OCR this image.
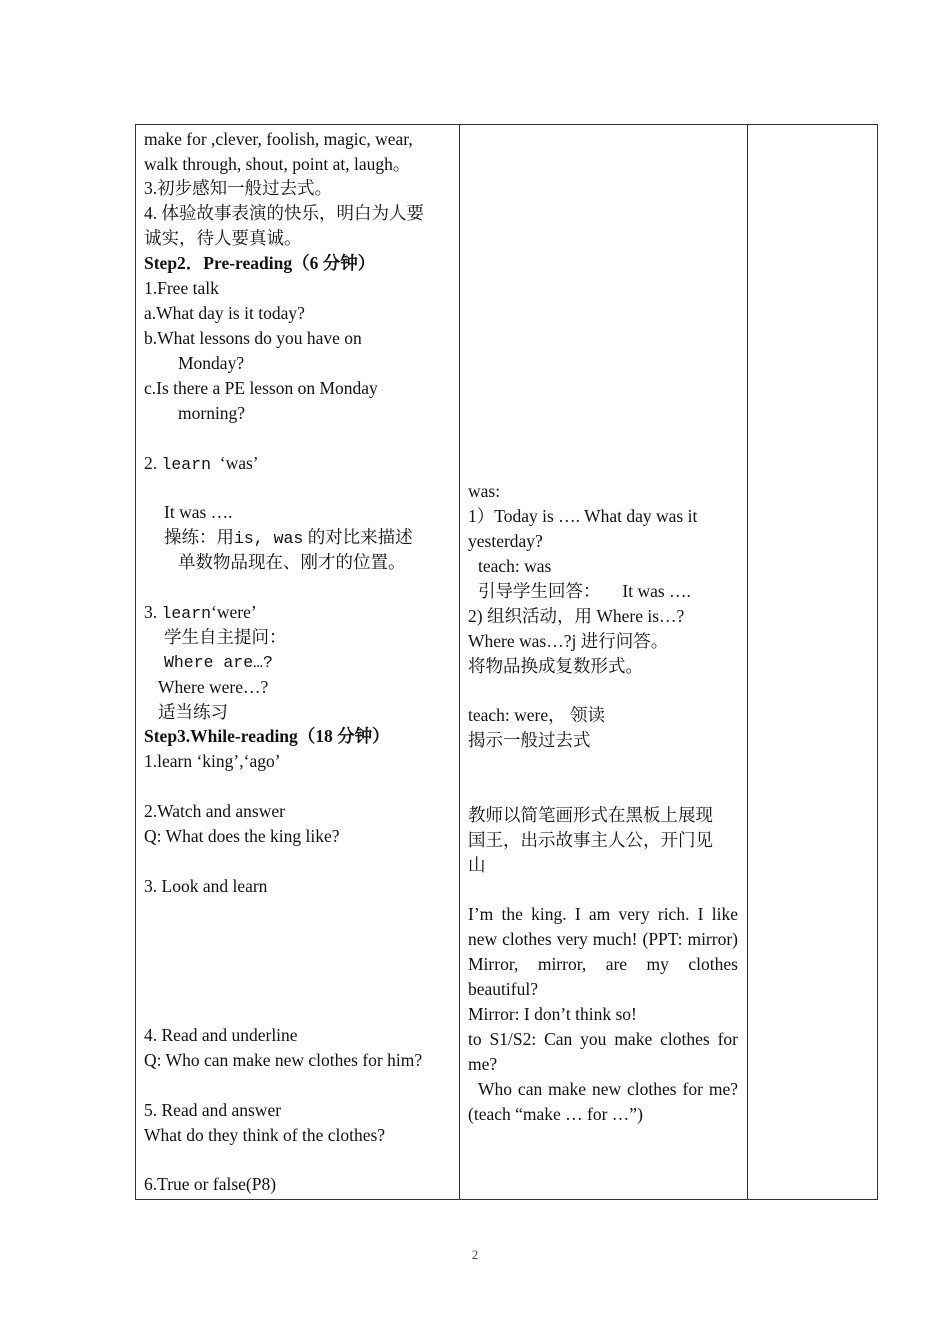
make for ,clever, foolish, magic, wear,
walk through, shout, point at, laugh。
3.初步感知一般过去式。
4. 体验故事表演的快乐，明白为人要
诚实，待人要真诚。
Step2．Pre-reading（6 分钟）
1.Free talk
a.What day is it today?
b.What lessons do you have on
Monday?
c.Is there a PE lesson on Monday
morning?
2. learn ‘was’
It was ….
操练：用is, was 的对比来描述
单数物品现在、刚才的位置。
3. learn‘were’
学生自主提问：
Where are…?
Where were…?
适当练习
Step3.While-reading（18 分钟）
1.learn ‘king’,‘ago’
2.Watch and answer
Q: What does the king like?
3. Look and learn
4. Read and underline
Q: Who can make new clothes for him?
5. Read and answer
What do they think of the clothes?
6.True or false(P8)
was:
1）Today is …. What day was it
yesterday?
teach: was
引导学生回答： It was ….
2) 组织活动，用 Where is…?
Where was…?j 进行问答。
将物品换成复数形式。
teach: were， 领读
揭示一般过去式
教师以简笔画形式在黑板上展现
国王，出示故事主人公，开门见
山
I’m the king. I am very rich. I like new clothes very much! (PPT: mirror) Mirror, mirror, are my clothes beautiful?
Mirror: I don’t think so!
to S1/S2: Can you make clothes for me?
Who can make new clothes for me? (teach “make … for …”)
2
